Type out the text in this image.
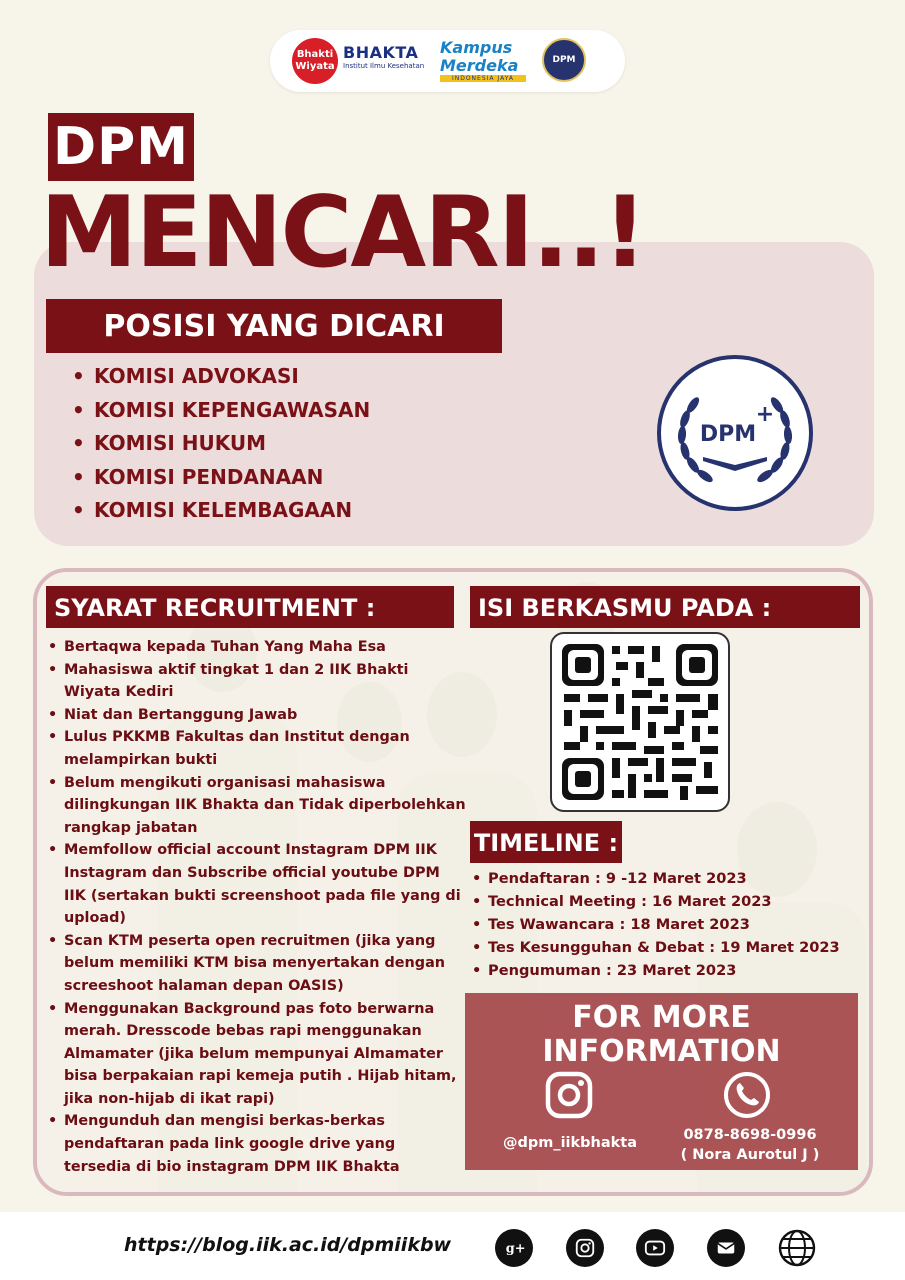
Bhakti Wiyata
BHAKTA
Institut Ilmu Kesehatan
Kampus
Merdeka
INDONESIA JAYA
DPM
DPM
MENCARI..!
POSISI YANG DICARI
• KOMISI ADVOKASI
• KOMISI KEPENGAWASAN
• KOMISI HUKUM
• KOMISI PENDANAAN
• KOMISI KELEMBAGAAN
DPM
+
SYARAT RECRUITMENT :
• Bertaqwa kepada Tuhan Yang Maha Esa
• Mahasiswa aktif tingkat 1 dan 2 IIK Bhakti Wiyata Kediri
• Niat dan Bertanggung Jawab
• Lulus PKKMB Fakultas dan Institut dengan melampirkan bukti
• Belum mengikuti organisasi mahasiswa dilingkungan IIK Bhakta dan Tidak diperbolehkan rangkap jabatan
• Memfollow official account Instagram DPM IIK Instagram dan Subscribe official youtube DPM IIK (sertakan bukti screenshoot pada file yang di upload)
• Scan KTM peserta open recruitmen (jika yang belum memiliki KTM bisa menyertakan dengan screeshoot halaman depan OASIS)
• Menggunakan Background pas foto berwarna merah. Dresscode bebas rapi menggunakan Almamater (jika belum mempunyai Almamater bisa berpakaian rapi kemeja putih . Hijab hitam, jika non-hijab di ikat rapi)
• Mengunduh dan mengisi berkas-berkas pendaftaran pada link google drive yang tersedia di bio instagram DPM IIK Bhakta
ISI BERKASMU PADA :
TIMELINE :
• Pendaftaran : 9 -12 Maret 2023
• Technical Meeting : 16 Maret 2023
• Tes Wawancara : 18 Maret 2023
• Tes Kesungguhan & Debat : 19 Maret 2023
• Pengumuman : 23 Maret 2023
FOR MORE
INFORMATION
@dpm_iikbhakta	0878-8698-0996
( Nora Aurotul J )
https://blog.iik.ac.id/dpmiikbw	g+
